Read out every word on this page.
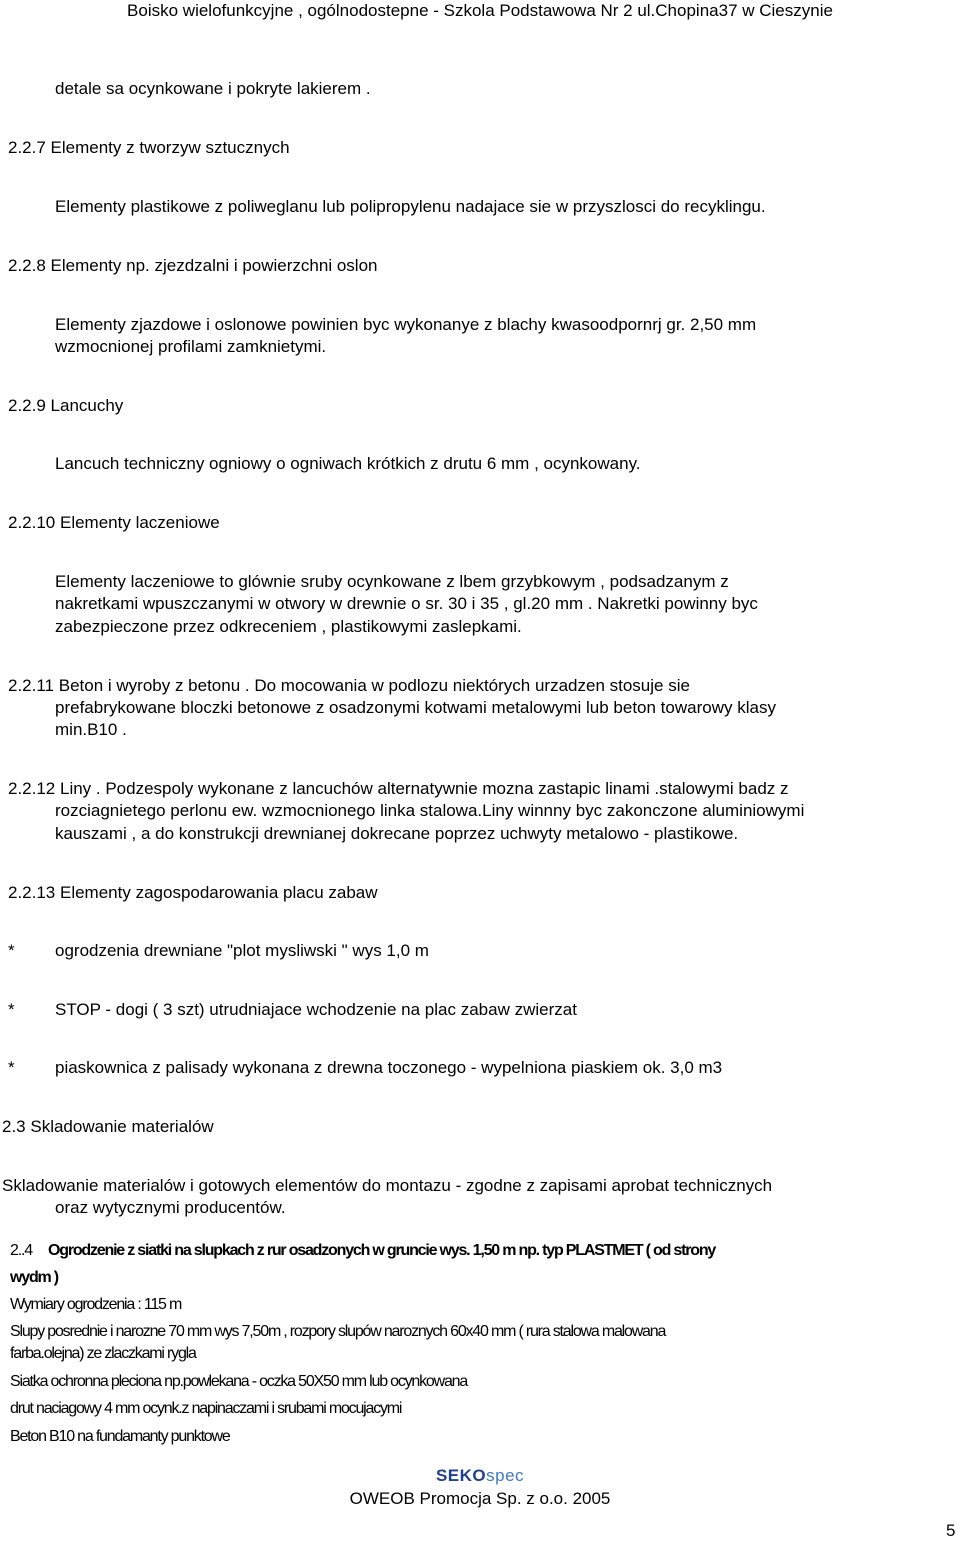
Boisko wielofunkcyjne , ogólnodostepne - Szkola Podstawowa Nr 2 ul.Chopina37 w Cieszynie
detale sa ocynkowane i pokryte lakierem .
2.2.7 Elementy z tworzyw sztucznych
Elementy plastikowe z poliweglanu lub polipropylenu nadajace sie w przyszlosci do recyklingu.
2.2.8 Elementy np. zjezdzalni i powierzchni oslon
Elementy zjazdowe i oslonowe powinien byc wykonanye z blachy kwasoodpornrj gr. 2,50 mm
wzmocnionej profilami zamknietymi.
2.2.9 Lancuchy
Lancuch techniczny ogniowy o ogniwach krótkich z drutu 6 mm , ocynkowany.
2.2.10 Elementy laczeniowe
Elementy laczeniowe to glównie sruby ocynkowane z lbem grzybkowym , podsadzanym z
nakretkami wpuszczanymi w otwory w drewnie o sr. 30 i 35 , gl.20 mm . Nakretki powinny byc
zabezpieczone przez odkreceniem , plastikowymi zaslepkami.
2.2.11 Beton i wyroby z betonu . Do mocowania w podlozu niektórych urzadzen stosuje sie
prefabrykowane bloczki betonowe z osadzonymi kotwami metalowymi lub beton towarowy klasy
min.B10 .
2.2.12 Liny . Podzespoly wykonane z lancuchów alternatywnie mozna zastapic linami .stalowymi badz z
rozciagnietego perlonu ew. wzmocnionego linka stalowa.Liny winnny byc zakonczone aluminiowymi
kauszami , a do konstrukcji drewnianej dokrecane poprzez uchwyty metalowo - plastikowe.
2.2.13 Elementy zagospodarowania placu zabaw
* ogrodzenia drewniane "plot mysliwski " wys 1,0 m
* STOP - dogi ( 3 szt) utrudniajace wchodzenie na plac zabaw zwierzat
* piaskownica z palisady wykonana z drewna toczonego - wypelniona piaskiem ok. 3,0 m3
2.3 Skladowanie materialów
Skladowanie materialów i gotowych elementów do montazu - zgodne z zapisami aprobat technicznych
oraz wytycznymi producentów.
2..4 Ogrodzenie z siatki na slupkach z rur osadzonych w gruncie wys. 1,50 m np. typ PLASTMET ( od strony
wydm )
Wymiary ogrodzenia : 115 m
Slupy posrednie i narozne 70 mm wys 7,50m , rozpory slupów naroznych 60x40 mm ( rura stalowa malowana
farba.olejna) ze zlaczkami rygla
Siatka ochronna pleciona np.powlekana - oczka 50X50 mm lub ocynkowana
drut naciagowy 4 mm ocynk.z napinaczami i srubami mocujacymi
Beton B10 na fundamanty punktowe
SEKOspec
OWEOB Promocja Sp. z o.o. 2005
5
